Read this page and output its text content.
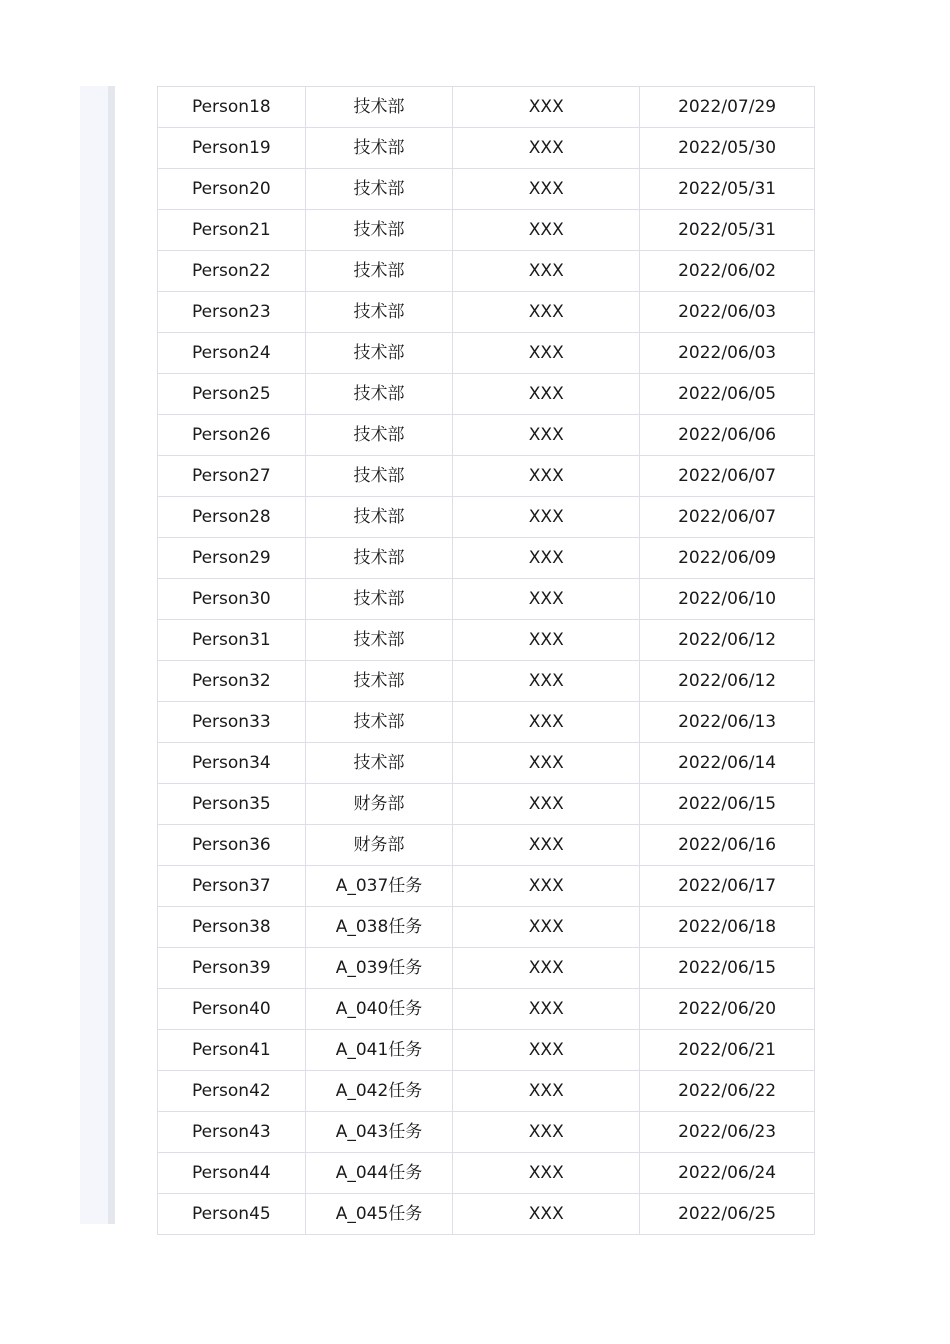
Person18	技术部	XXX	2022/07/29
Person19	技术部	XXX	2022/05/30
Person20	技术部	XXX	2022/05/31
Person21	技术部	XXX	2022/05/31
Person22	技术部	XXX	2022/06/02
Person23	技术部	XXX	2022/06/03
Person24	技术部	XXX	2022/06/03
Person25	技术部	XXX	2022/06/05
Person26	技术部	XXX	2022/06/06
Person27	技术部	XXX	2022/06/07
Person28	技术部	XXX	2022/06/07
Person29	技术部	XXX	2022/06/09
Person30	技术部	XXX	2022/06/10
Person31	技术部	XXX	2022/06/12
Person32	技术部	XXX	2022/06/12
Person33	技术部	XXX	2022/06/13
Person34	技术部	XXX	2022/06/14
Person35	财务部	XXX	2022/06/15
Person36	财务部	XXX	2022/06/16
Person37	A_037任务	XXX	2022/06/17
Person38	A_038任务	XXX	2022/06/18
Person39	A_039任务	XXX	2022/06/15
Person40	A_040任务	XXX	2022/06/20
Person41	A_041任务	XXX	2022/06/21
Person42	A_042任务	XXX	2022/06/22
Person43	A_043任务	XXX	2022/06/23
Person44	A_044任务	XXX	2022/06/24
Person45	A_045任务	XXX	2022/06/25
